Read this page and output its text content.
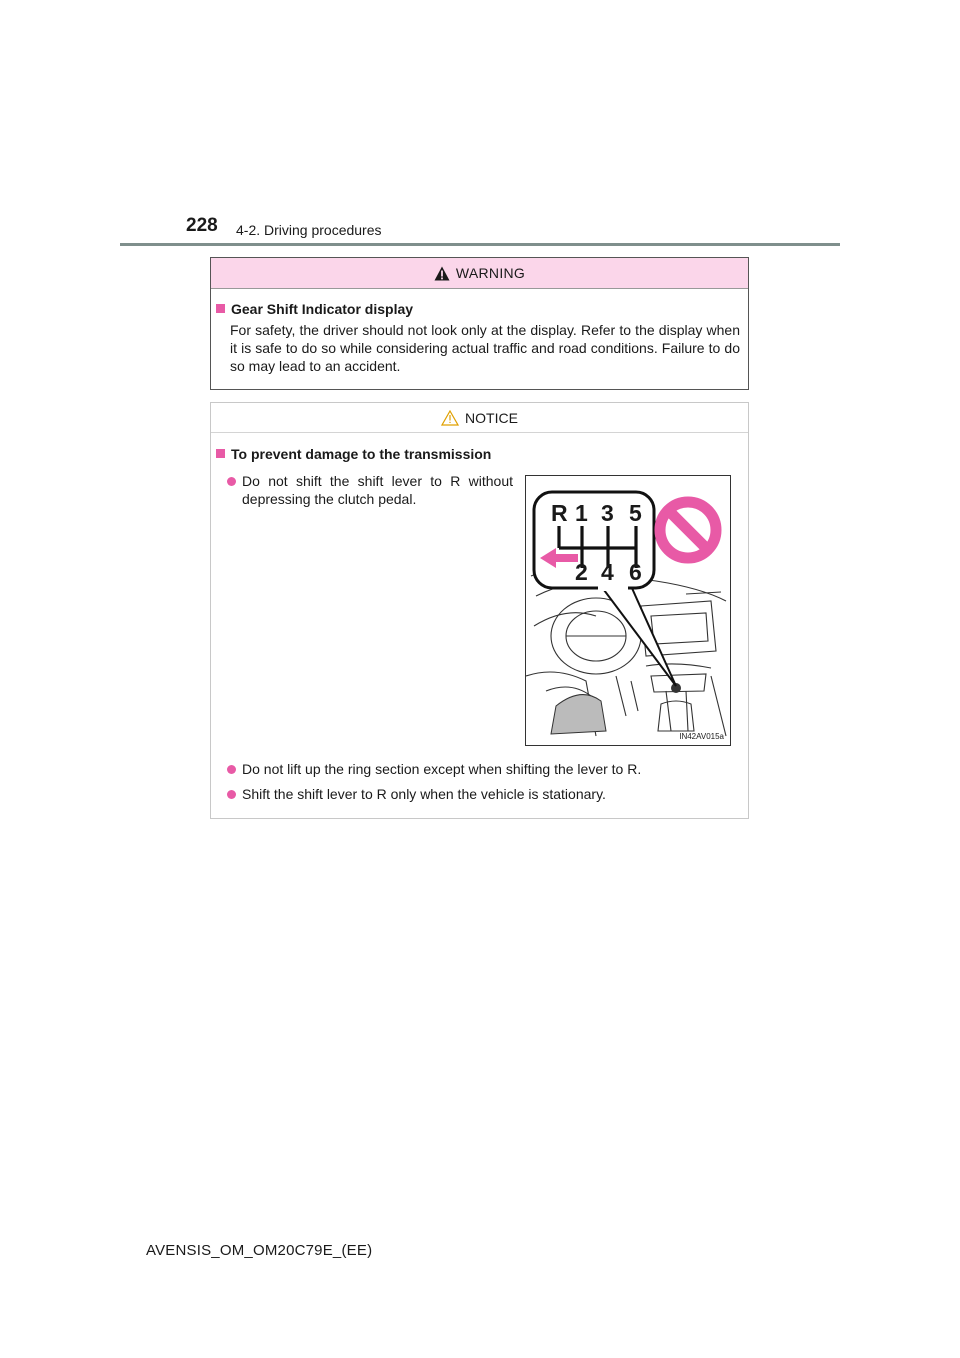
228 4-2. Driving procedures
WARNING
Gear Shift Indicator display
For safety, the driver should not look only at the display. Refer to the display when it is safe to do so while considering actual traffic and road conditions. Failure to do so may lead to an accident.
NOTICE
To prevent damage to the transmission
Do not shift the shift lever to R without depressing the clutch pedal.
Do not lift up the ring section except when shifting the lever to R.
Shift the shift lever to R only when the vehicle is stationary.
R 1 3 5
2 4 6
IN42AV015a
AVENSIS_OM_OM20C79E_(EE)
